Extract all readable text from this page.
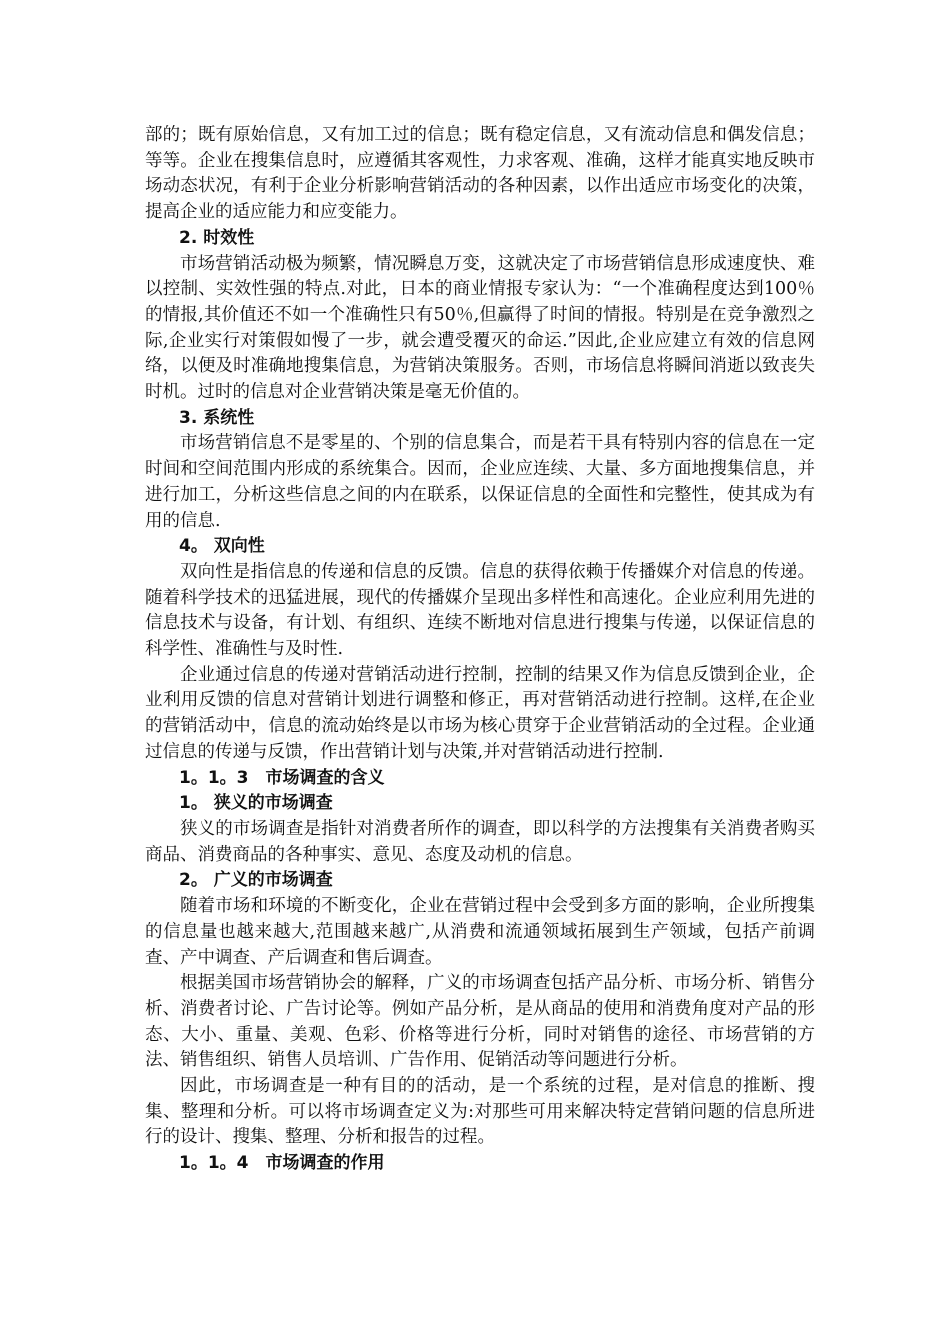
部的；既有原始信息，又有加工过的信息；既有稳定信息，又有流动信息和偶发信息；等等。企业在搜集信息时，应遵循其客观性，力求客观、准确，这样才能真实地反映市场动态状况，有利于企业分析影响营销活动的各种因素，以作出适应市场变化的决策，提高企业的适应能力和应变能力。

2. 时效性

市场营销活动极为频繁，情况瞬息万变，这就决定了市场营销信息形成速度快、难以控制、实效性强的特点.对此，日本的商业情报专家认为：“一个准确程度达到100％的情报,其价值还不如一个准确性只有50％,但赢得了时间的情报。特别是在竞争激烈之际,企业实行对策假如慢了一步，就会遭受覆灭的命运.”因此,企业应建立有效的信息网络，以便及时准确地搜集信息，为营销决策服务。否则，市场信息将瞬间消逝以致丧失时机。过时的信息对企业营销决策是毫无价值的。

3. 系统性

市场营销信息不是零星的、个别的信息集合，而是若干具有特别内容的信息在一定时间和空间范围内形成的系统集合。因而，企业应连续、大量、多方面地搜集信息，并进行加工，分析这些信息之间的内在联系，以保证信息的全面性和完整性，使其成为有用的信息.

4。 双向性

双向性是指信息的传递和信息的反馈。信息的获得依赖于传播媒介对信息的传递。随着科学技术的迅猛进展，现代的传播媒介呈现出多样性和高速化。企业应利用先进的信息技术与设备，有计划、有组织、连续不断地对信息进行搜集与传递，以保证信息的科学性、准确性与及时性.

企业通过信息的传递对营销活动进行控制，控制的结果又作为信息反馈到企业，企业利用反馈的信息对营销计划进行调整和修正，再对营销活动进行控制。这样,在企业的营销活动中，信息的流动始终是以市场为核心贯穿于企业营销活动的全过程。企业通过信息的传递与反馈，作出营销计划与决策,并对营销活动进行控制.

1。1。3　市场调查的含义

1。 狭义的市场调查

狭义的市场调查是指针对消费者所作的调查，即以科学的方法搜集有关消费者购买商品、消费商品的各种事实、意见、态度及动机的信息。

2。 广义的市场调查

随着市场和环境的不断变化，企业在营销过程中会受到多方面的影响，企业所搜集的信息量也越来越大,范围越来越广,从消费和流通领域拓展到生产领域，包括产前调查、产中调查、产后调查和售后调查。

根据美国市场营销协会的解释，广义的市场调查包括产品分析、市场分析、销售分析、消费者讨论、广告讨论等。例如产品分析，是从商品的使用和消费角度对产品的形态、大小、重量、美观、色彩、价格等进行分析，同时对销售的途径、市场营销的方法、销售组织、销售人员培训、广告作用、促销活动等问题进行分析。

因此，市场调查是一种有目的的活动，是一个系统的过程，是对信息的推断、搜集、整理和分析。可以将市场调查定义为:对那些可用来解决特定营销问题的信息所进行的设计、搜集、整理、分析和报告的过程。

1。1。4　市场调查的作用
